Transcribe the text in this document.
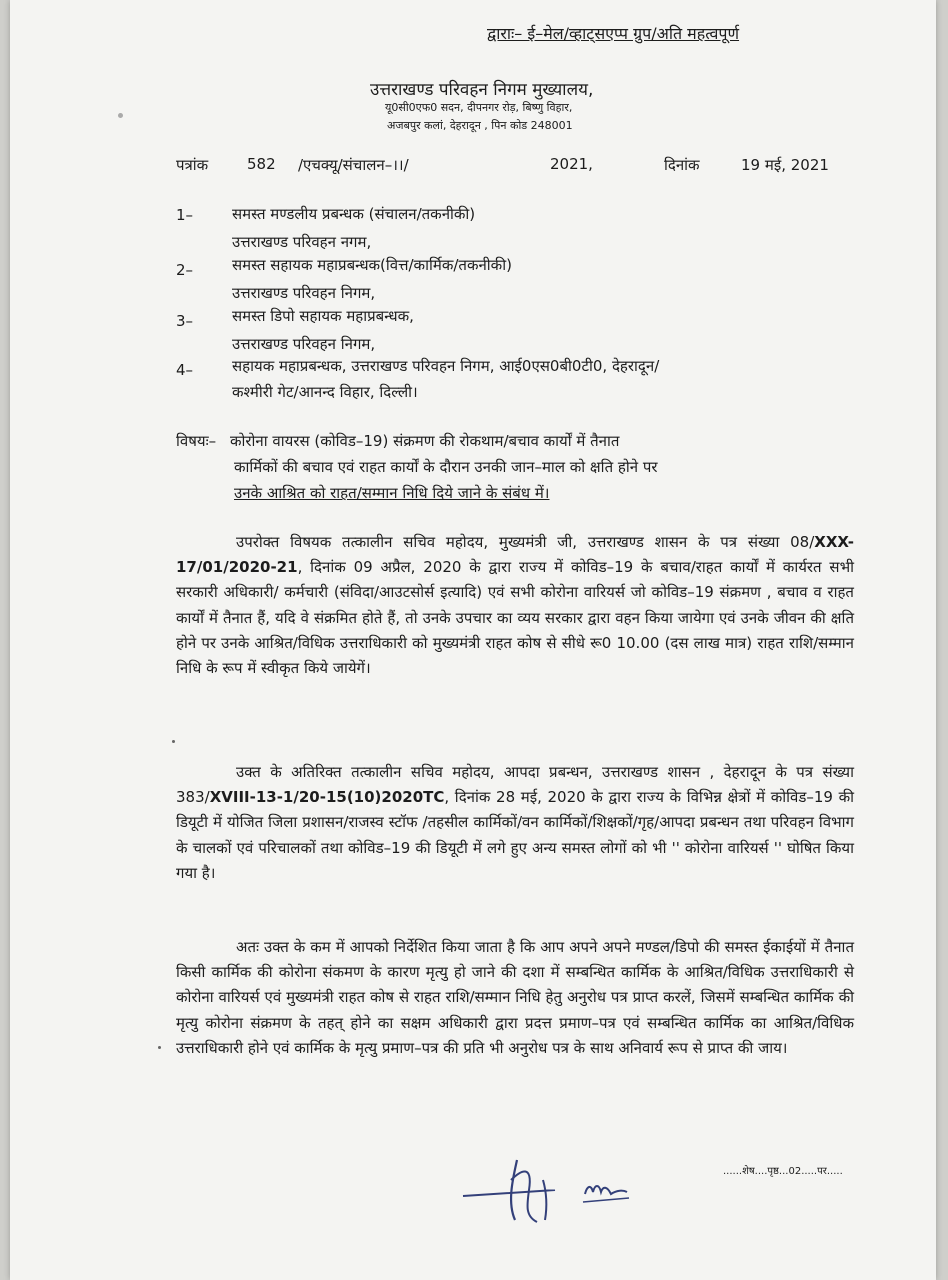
द्वाराः– ई–मेल/व्हाट्सएप्प ग्रुप/अति महत्वपूर्ण
उत्तराखण्ड परिवहन निगम मुख्यालय,
यू0सी0एफ0 सदन, दीपनगर रोड़, बिष्णु विहार,
अजबपुर कलां, देहरादून , पिन कोड 248001
पत्रांक	582 /एचक्यू/संचालन–।।/	2021,	दिनांक	19 मई, 2021
1–	समस्त मण्डलीय प्रबन्धक (संचालन/तकनीकी)
उत्तराखण्ड परिवहन नगम,
2–	समस्त सहायक महाप्रबन्धक(वित्त/कार्मिक/तकनीकी)
उत्तराखण्ड परिवहन निगम,
3–	समस्त डिपो सहायक महाप्रबन्धक,
उत्तराखण्ड परिवहन निगम,
4–	सहायक महाप्रबन्धक, उत्तराखण्ड परिवहन निगम, आई0एस0बी0टी0, देहरादून/
कश्मीरी गेट/आनन्द विहार, दिल्ली।
विषयः– कोरोना वायरस (कोविड–19) संक्रमण की रोकथाम/बचाव कार्यों में तैनात
कार्मिकों की बचाव एवं राहत कार्यों के दौरान उनकी जान–माल को क्षति होने पर
उनके आश्रित को राहत/सम्मान निधि दिये जाने के संबंध में।
उपरोक्त विषयक तत्कालीन सचिव महोदय, मुख्यमंत्री जी, उत्तराखण्ड शासन के पत्र संख्या 08/XXX-17/01/2020-21, दिनांक 09 अप्रैल, 2020 के द्वारा राज्य में कोविड–19 के बचाव/राहत कार्यों में कार्यरत सभी सरकारी अधिकारी/ कर्मचारी (संविदा/आउटसोर्स इत्यादि) एवं सभी कोरोना वारियर्स जो कोविड–19 संक्रमण , बचाव व राहत कार्यों में तैनात हैं, यदि वे संक्रमित होते हैं, तो उनके उपचार का व्यय सरकार द्वारा वहन किया जायेगा एवं उनके जीवन की क्षति होने पर उनके आश्रित/विधिक उत्तराधिकारी को मुख्यमंत्री राहत कोष से सीधे रू0 10.00 (दस लाख मात्र) राहत राशि/सम्मान निधि के रूप में स्वीकृत किये जायेगें।
उक्त के अतिरिक्त तत्कालीन सचिव महोदय, आपदा प्रबन्धन, उत्तराखण्ड शासन , देहरादून के पत्र संख्या 383/XVIII-13-1/20-15(10)2020TC, दिनांक 28 मई, 2020 के द्वारा राज्य के विभिन्न क्षेत्रों में कोविड–19 की डियूटी में योजित जिला प्रशासन/राजस्व स्टॉफ /तहसील कार्मिकों/वन कार्मिकों/शिक्षकों/गृह/आपदा प्रबन्धन तथा परिवहन विभाग के चालकों एवं परिचालकों तथा कोविड–19 की डियूटी में लगे हुए अन्य समस्त लोगों को भी '' कोरोना वारियर्स '' घोषित किया गया है।
अतः उक्त के कम में आपको निर्देशित किया जाता है कि आप अपने अपने मण्डल/डिपो की समस्त ईकाईयों में तैनात किसी कार्मिक की कोरोना संकमण के कारण मृत्यु हो जाने की दशा में सम्बन्धित कार्मिक के आश्रित/विधिक उत्तराधिकारी से कोरोना वारियर्स एवं मुख्यमंत्री राहत कोष से राहत राशि/सम्मान निधि हेतु अनुरोध पत्र प्राप्त करलें, जिसमें सम्बन्धित कार्मिक की मृत्यु कोरोना संक्रमण के तहत् होने का सक्षम अधिकारी द्वारा प्रदत्त प्रमाण–पत्र एवं सम्बन्धित कार्मिक का आश्रित/विधिक उत्तराधिकारी होने एवं कार्मिक के मृत्यु प्रमाण–पत्र की प्रति भी अनुरोध पत्र के साथ अनिवार्य रूप से प्राप्त की जाय।
......शेष....पृष्ठ...02.....पर.....
